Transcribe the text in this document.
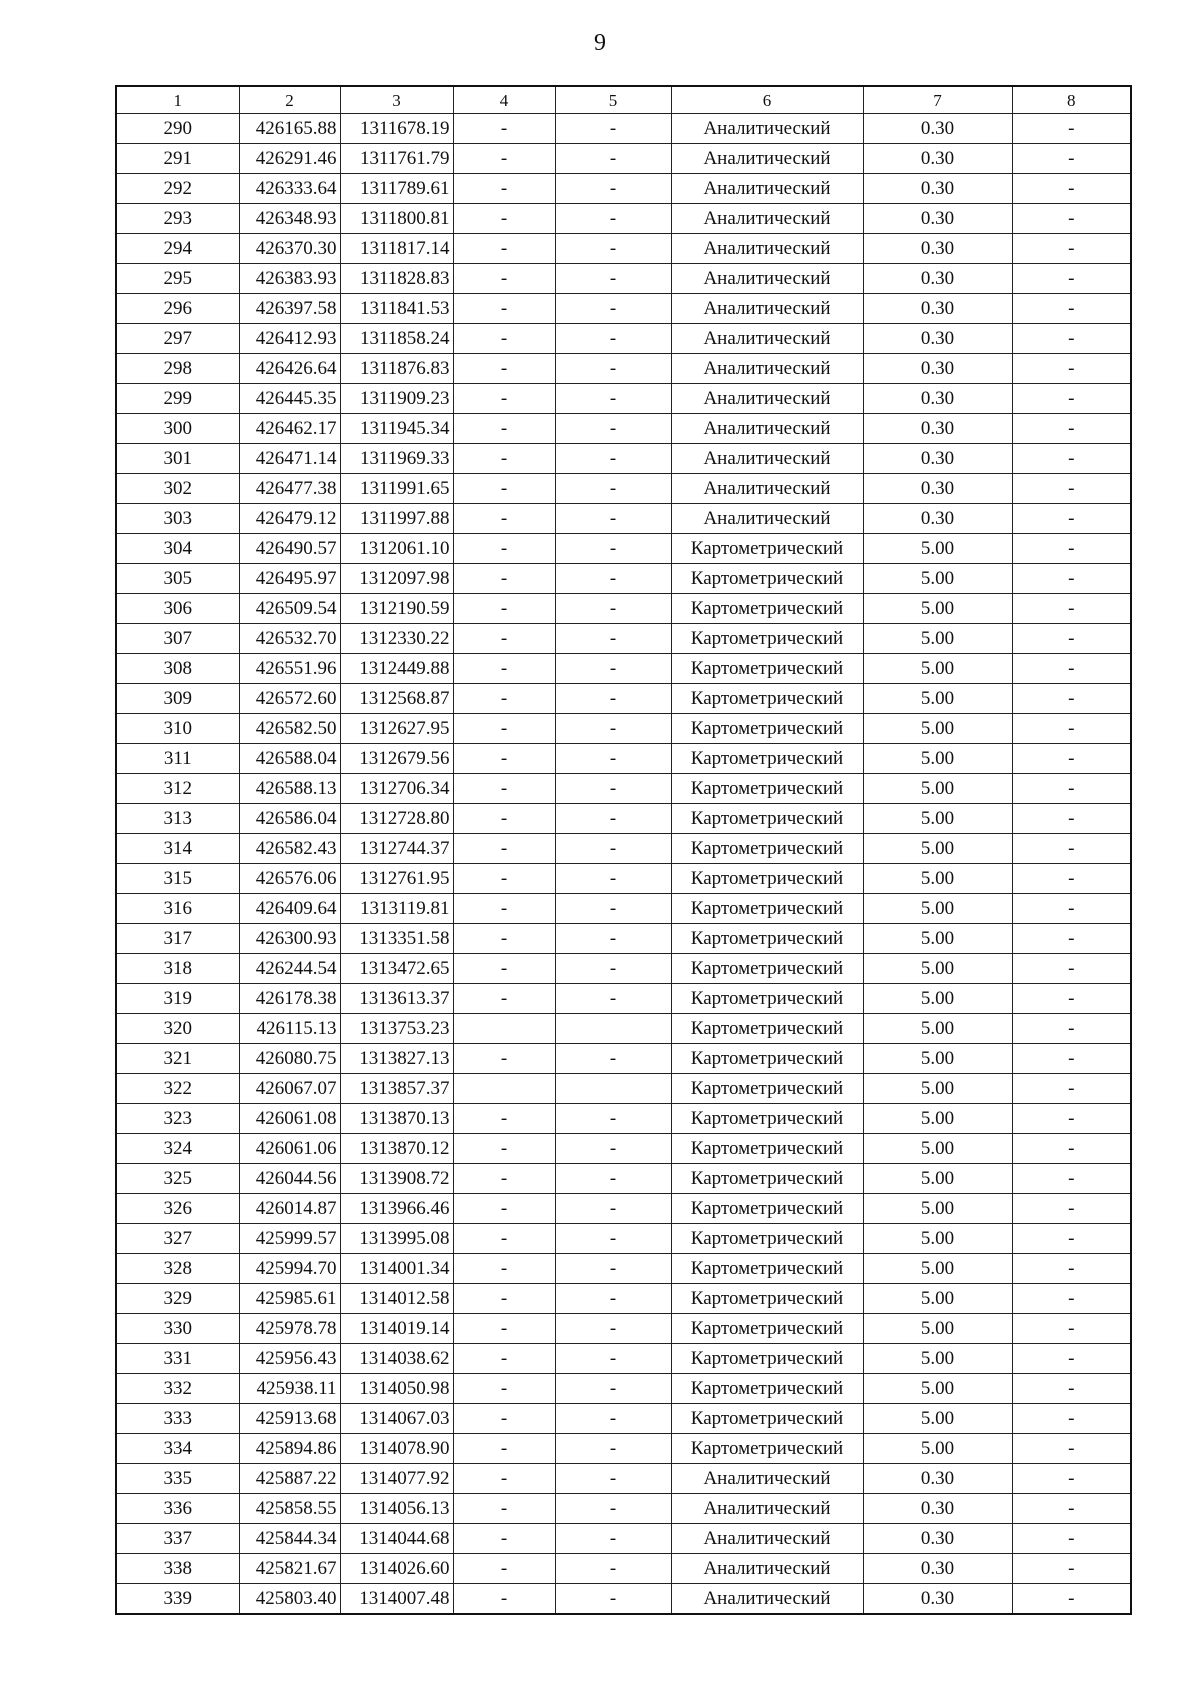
9
1	2	3	4	5	6	7	8
290	426165.88	1311678.19	-	-	Аналитический	0.30	-
291	426291.46	1311761.79	-	-	Аналитический	0.30	-
292	426333.64	1311789.61	-	-	Аналитический	0.30	-
293	426348.93	1311800.81	-	-	Аналитический	0.30	-
294	426370.30	1311817.14	-	-	Аналитический	0.30	-
295	426383.93	1311828.83	-	-	Аналитический	0.30	-
296	426397.58	1311841.53	-	-	Аналитический	0.30	-
297	426412.93	1311858.24	-	-	Аналитический	0.30	-
298	426426.64	1311876.83	-	-	Аналитический	0.30	-
299	426445.35	1311909.23	-	-	Аналитический	0.30	-
300	426462.17	1311945.34	-	-	Аналитический	0.30	-
301	426471.14	1311969.33	-	-	Аналитический	0.30	-
302	426477.38	1311991.65	-	-	Аналитический	0.30	-
303	426479.12	1311997.88	-	-	Аналитический	0.30	-
304	426490.57	1312061.10	-	-	Картометрический	5.00	-
305	426495.97	1312097.98	-	-	Картометрический	5.00	-
306	426509.54	1312190.59	-	-	Картометрический	5.00	-
307	426532.70	1312330.22	-	-	Картометрический	5.00	-
308	426551.96	1312449.88	-	-	Картометрический	5.00	-
309	426572.60	1312568.87	-	-	Картометрический	5.00	-
310	426582.50	1312627.95	-	-	Картометрический	5.00	-
311	426588.04	1312679.56	-	-	Картометрический	5.00	-
312	426588.13	1312706.34	-	-	Картометрический	5.00	-
313	426586.04	1312728.80	-	-	Картометрический	5.00	-
314	426582.43	1312744.37	-	-	Картометрический	5.00	-
315	426576.06	1312761.95	-	-	Картометрический	5.00	-
316	426409.64	1313119.81	-	-	Картометрический	5.00	-
317	426300.93	1313351.58	-	-	Картометрический	5.00	-
318	426244.54	1313472.65	-	-	Картометрический	5.00	-
319	426178.38	1313613.37	-	-	Картометрический	5.00	-
320	426115.13	1313753.23			Картометрический	5.00	-
321	426080.75	1313827.13	-	-	Картометрический	5.00	-
322	426067.07	1313857.37			Картометрический	5.00	-
323	426061.08	1313870.13	-	-	Картометрический	5.00	-
324	426061.06	1313870.12	-	-	Картометрический	5.00	-
325	426044.56	1313908.72	-	-	Картометрический	5.00	-
326	426014.87	1313966.46	-	-	Картометрический	5.00	-
327	425999.57	1313995.08	-	-	Картометрический	5.00	-
328	425994.70	1314001.34	-	-	Картометрический	5.00	-
329	425985.61	1314012.58	-	-	Картометрический	5.00	-
330	425978.78	1314019.14	-	-	Картометрический	5.00	-
331	425956.43	1314038.62	-	-	Картометрический	5.00	-
332	425938.11	1314050.98	-	-	Картометрический	5.00	-
333	425913.68	1314067.03	-	-	Картометрический	5.00	-
334	425894.86	1314078.90	-	-	Картометрический	5.00	-
335	425887.22	1314077.92	-	-	Аналитический	0.30	-
336	425858.55	1314056.13	-	-	Аналитический	0.30	-
337	425844.34	1314044.68	-	-	Аналитический	0.30	-
338	425821.67	1314026.60	-	-	Аналитический	0.30	-
339	425803.40	1314007.48	-	-	Аналитический	0.30	-
